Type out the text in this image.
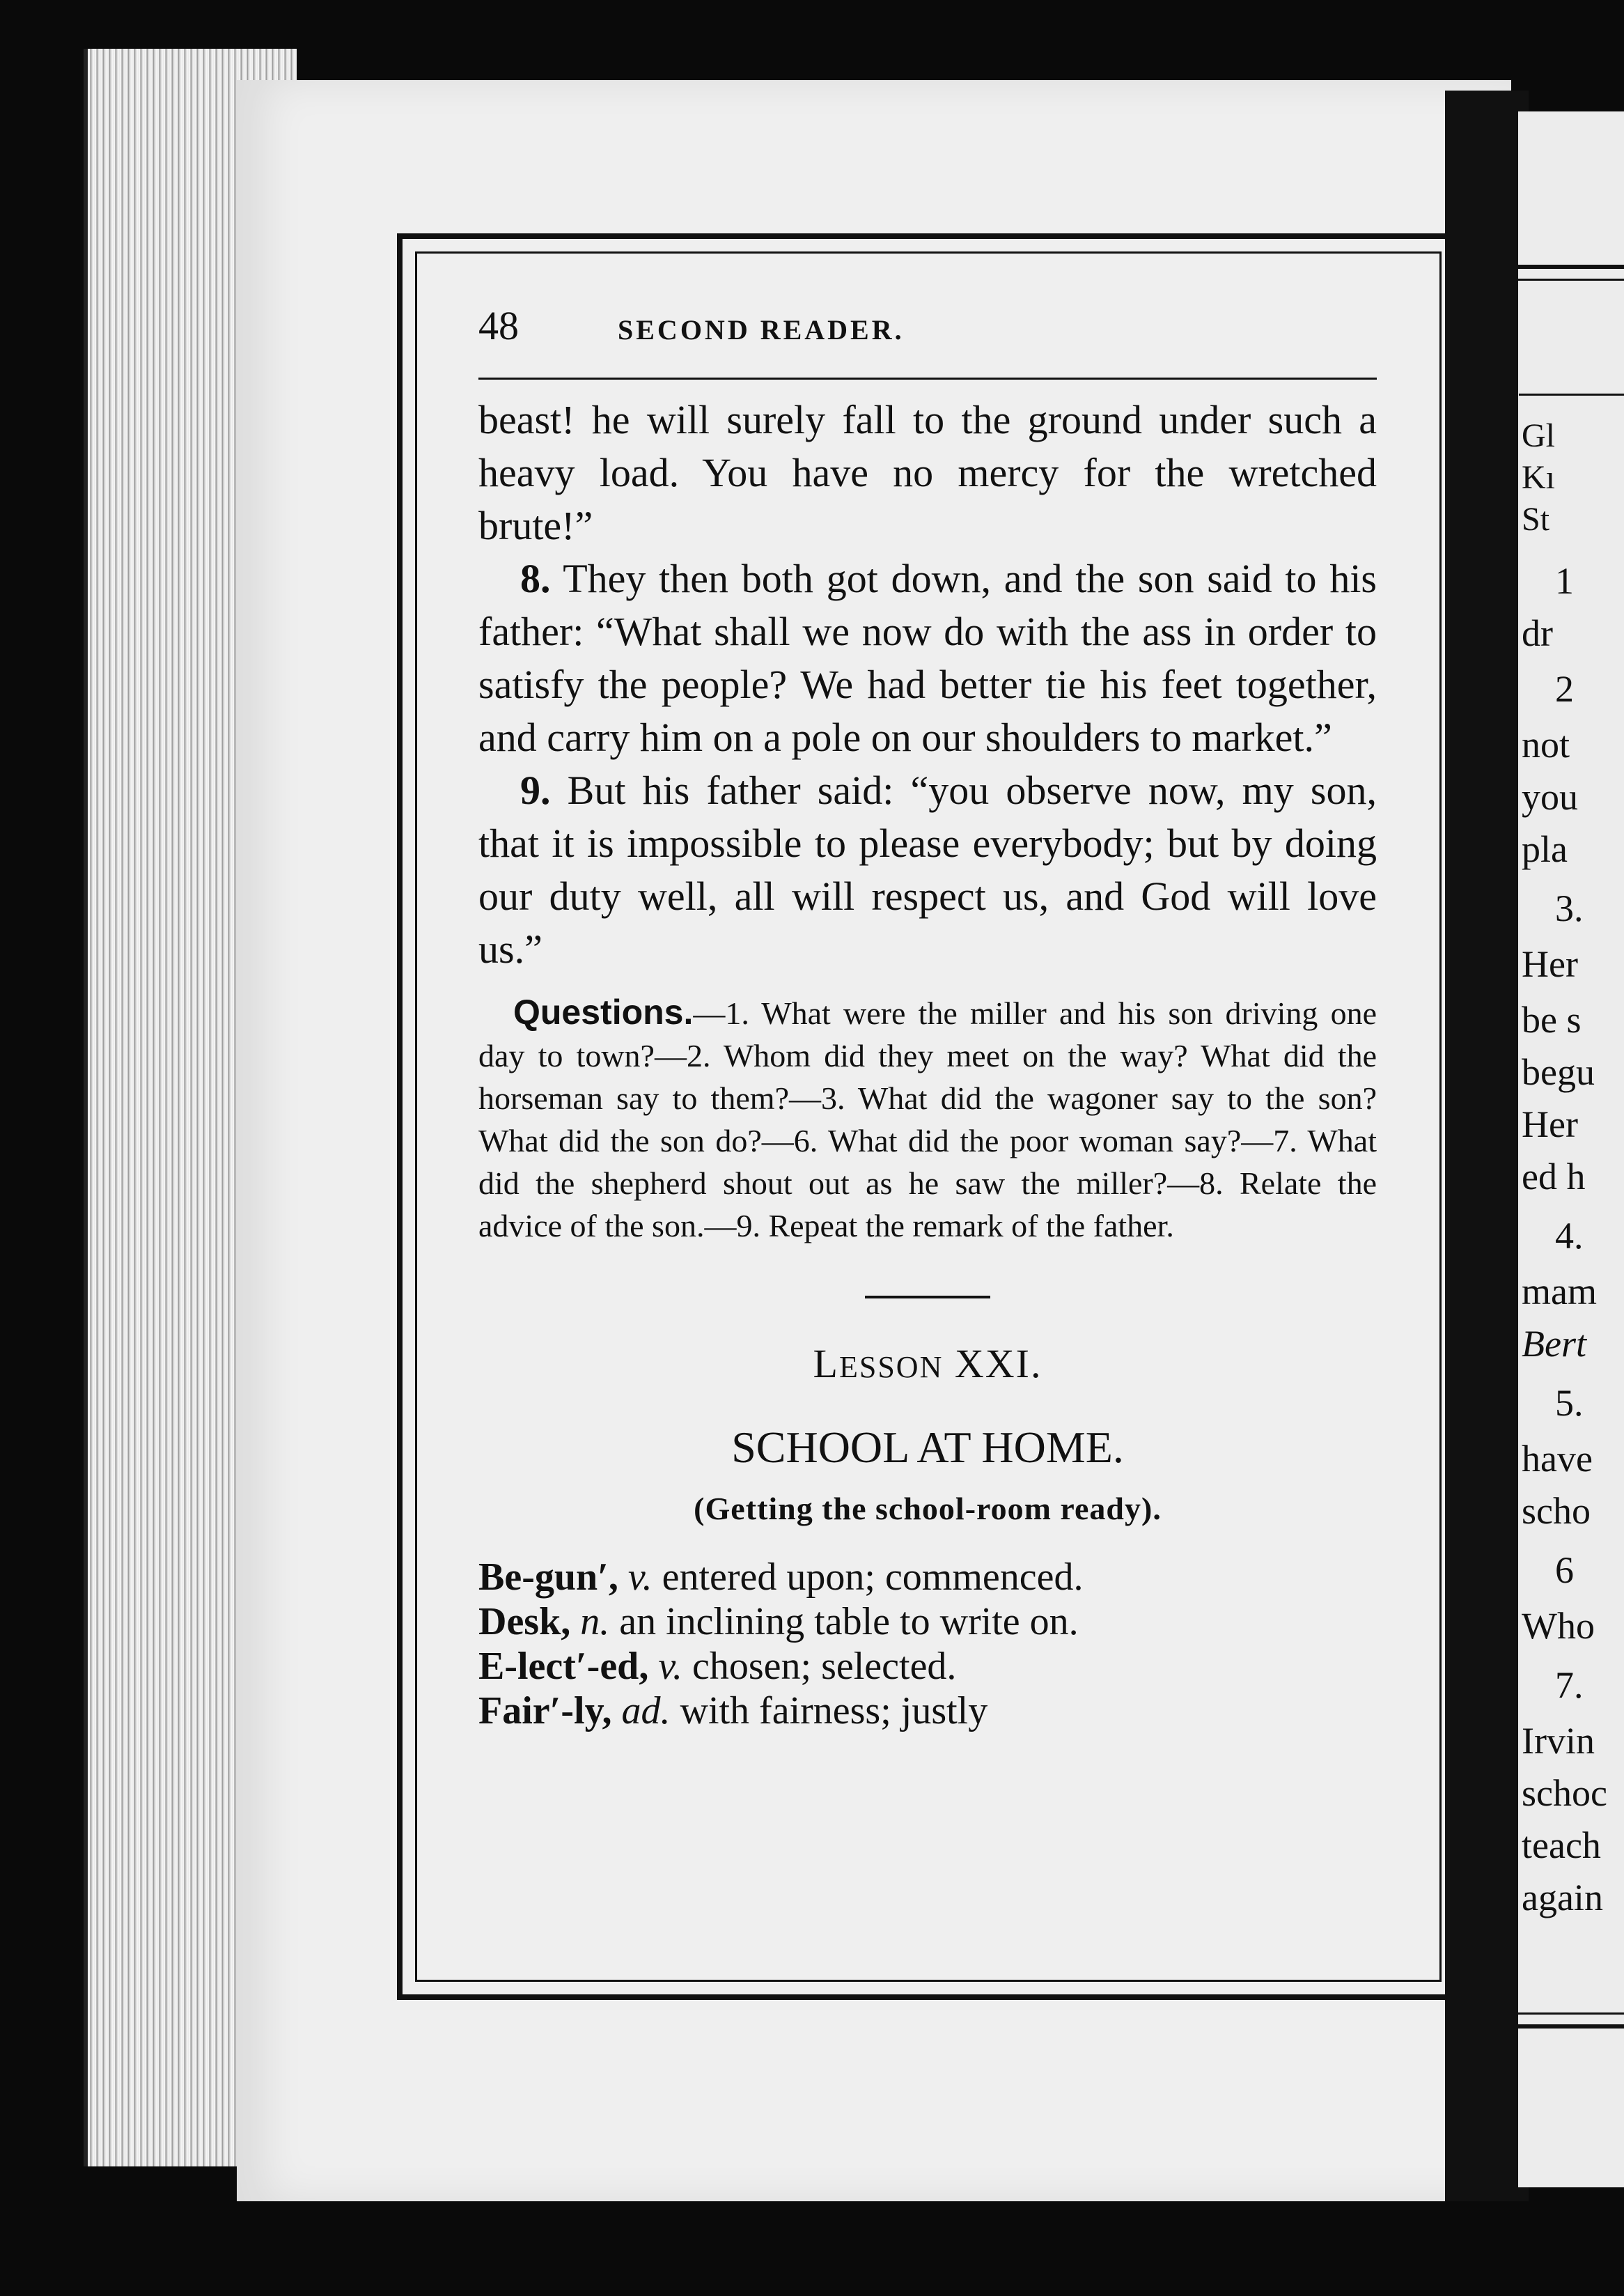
Gl
Kı
St
1
dr
2
not
you
pla
3.
Her
be s
begu
Her
ed h
4.
mam
Bert
5.
have
scho
6
Who
7.
Irvin
schoc
teach
again
48	SECOND READER.

beast! he will surely fall to the ground under such a heavy load. You have no mercy for the wretched brute!”

8. They then both got down, and the son said to his father: “What shall we now do with the ass in order to satisfy the people? We had better tie his feet together, and carry him on a pole on our shoulders to market.”

9. But his father said: “you observe now, my son, that it is impossible to please everybody; but by doing our duty well, all will respect us, and God will love us.”

Questions.—1. What were the miller and his son driving one day to town?—2. Whom did they meet on the way? What did the horseman say to them?—3. What did the wagoner say to the son? What did the son do?—6. What did the poor woman say?—7. What did the shepherd shout out as he saw the miller?—8. Relate the advice of the son.—9. Repeat the remark of the father.

LESSON XXI.
SCHOOL AT HOME.
(Getting the school-room ready).
Be-gun′, v. entered upon; commenced.
Desk, n. an inclining table to write on.
E-lect′-ed, v. chosen; selected.
Fair′-ly, ad. with fairness; justly
